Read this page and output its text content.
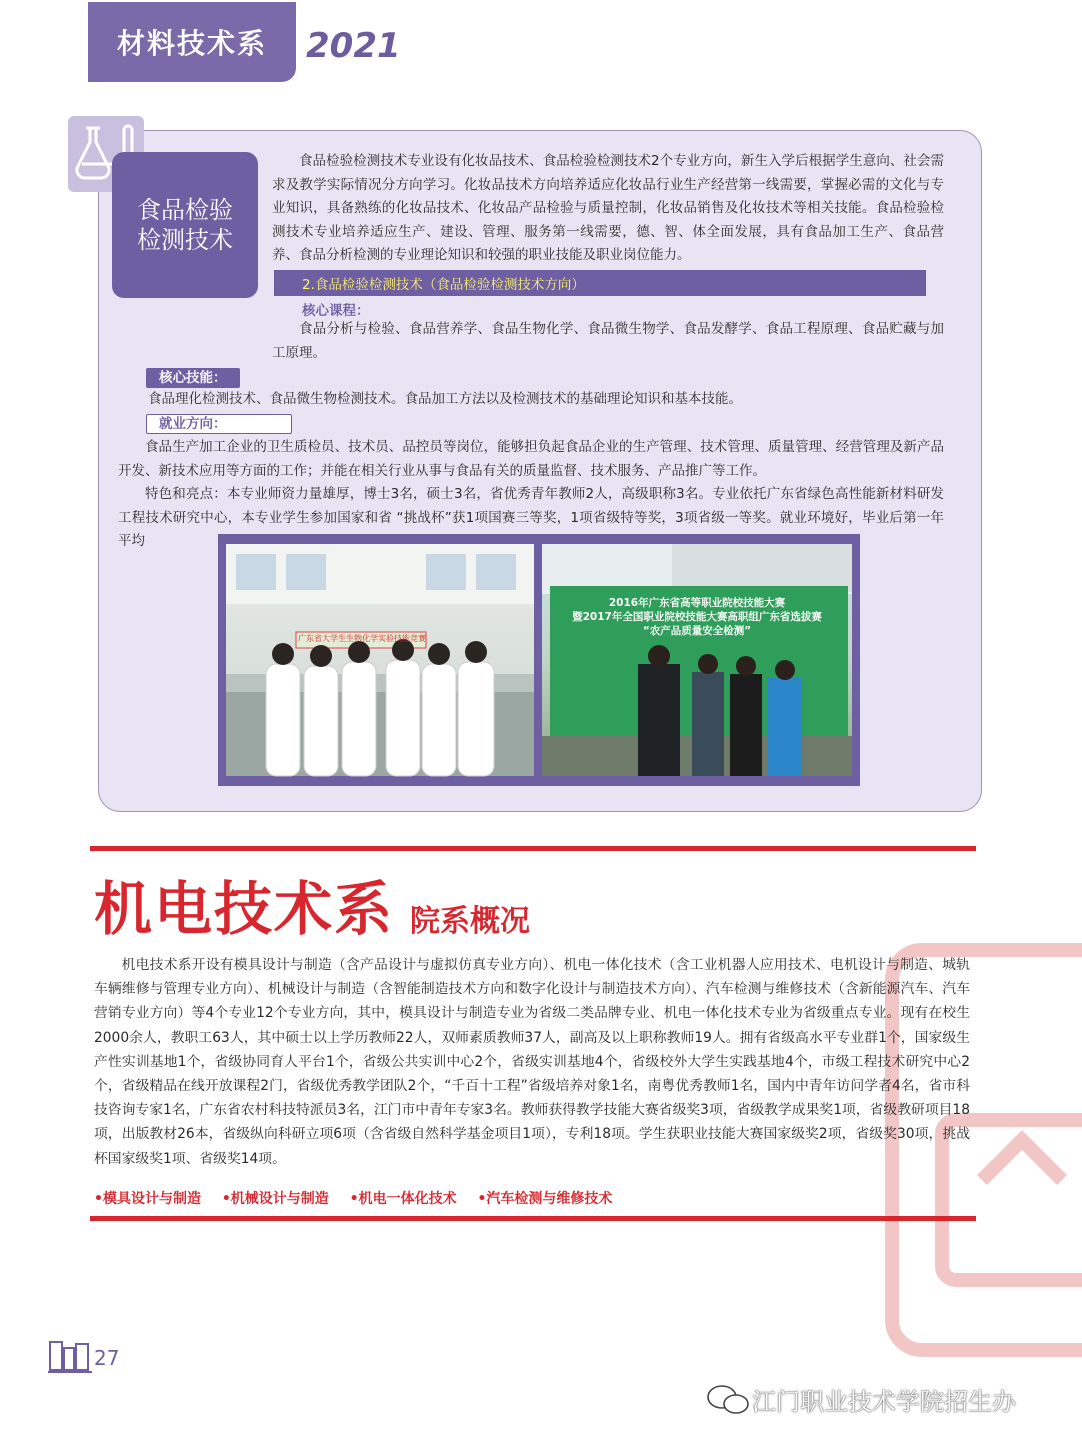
材料技术系 2021
食品检验
检测技术
食品检验检测技术专业设有化妆品技术、食品检验检测技术2个专业方向，新生入学后根据学生意向、社会需求及教学实际情况分方向学习。化妆品技术方向培养适应化妆品行业生产经营第一线需要，掌握必需的文化与专业知识，具备熟练的化妆品技术、化妆品产品检验与质量控制，化妆品销售及化妆技术等相关技能。食品检验检测技术专业培养适应生产、建设、管理、服务第一线需要，德、智、体全面发展，具有食品加工生产、食品营养、食品分析检测的专业理论知识和较强的职业技能及职业岗位能力。
2.食品检验检测技术（食品检验检测技术方向）
核心课程：
食品分析与检验、食品营养学、食品生物化学、食品微生物学、食品发酵学、食品工程原理、食品贮藏与加工原理。
核心技能：
食品理化检测技术、食品微生物检测技术。食品加工方法以及检测技术的基础理论知识和基本技能。
就业方向：
食品生产加工企业的卫生质检员、技术员、品控员等岗位，能够担负起食品企业的生产管理、技术管理、质量管理、经营管理及新产品开发、新技术应用等方面的工作；并能在相关行业从事与食品有关的质量监督、技术服务、产品推广等工作。
特色和亮点：本专业师资力量雄厚，博士3名，硕士3名，省优秀青年教师2人，高级职称3名。专业依托广东省绿色高性能新材料研发工程技术研究中心，本专业学生参加国家和省 “挑战杯”获1项国赛三等奖，1项省级特等奖，3项省级一等奖。就业环境好，毕业后第一年平均
广东省大学生生物化学实验技能竞赛
2016年广东省高等职业院校技能大赛
暨2017年全国职业院校技能大赛高职组广东省选拔赛
“农产品质量安全检测”
机电技术系 院系概况
机电技术系开设有模具设计与制造（含产品设计与虚拟仿真专业方向）、机电一体化技术（含工业机器人应用技术、电机设计与制造、城轨车辆维修与管理专业方向）、机械设计与制造（含智能制造技术方向和数字化设计与制造技术方向）、汽车检测与维修技术（含新能源汽车、汽车营销专业方向）等4个专业12个专业方向，其中，模具设计与制造专业为省级二类品牌专业、机电一体化技术专业为省级重点专业。现有在校生2000余人，教职工63人，其中硕士以上学历教师22人，双师素质教师37人，副高及以上职称教师19人。拥有省级高水平专业群1个，国家级生产性实训基地1个，省级协同育人平台1个，省级公共实训中心2个，省级实训基地4个，省级校外大学生实践基地4个，市级工程技术研究中心2个，省级精品在线开放课程2门，省级优秀教学团队2个，“千百十工程”省级培养对象1名，南粤优秀教师1名，国内中青年访问学者4名，省市科技咨询专家1名，广东省农村科技特派员3名，江门市中青年专家3名。教师获得教学技能大赛省级奖3项，省级教学成果奖1项，省级教研项目18项，出版教材26本，省级纵向科研立项6项（含省级自然科学基金项目1项），专利18项。学生获职业技能大赛国家级奖2项，省级奖30项，挑战杯国家级奖1项、省级奖14项。
•模具设计与制造 •机械设计与制造 •机电一体化技术 •汽车检测与维修技术
27
江门职业技术学院招生办
